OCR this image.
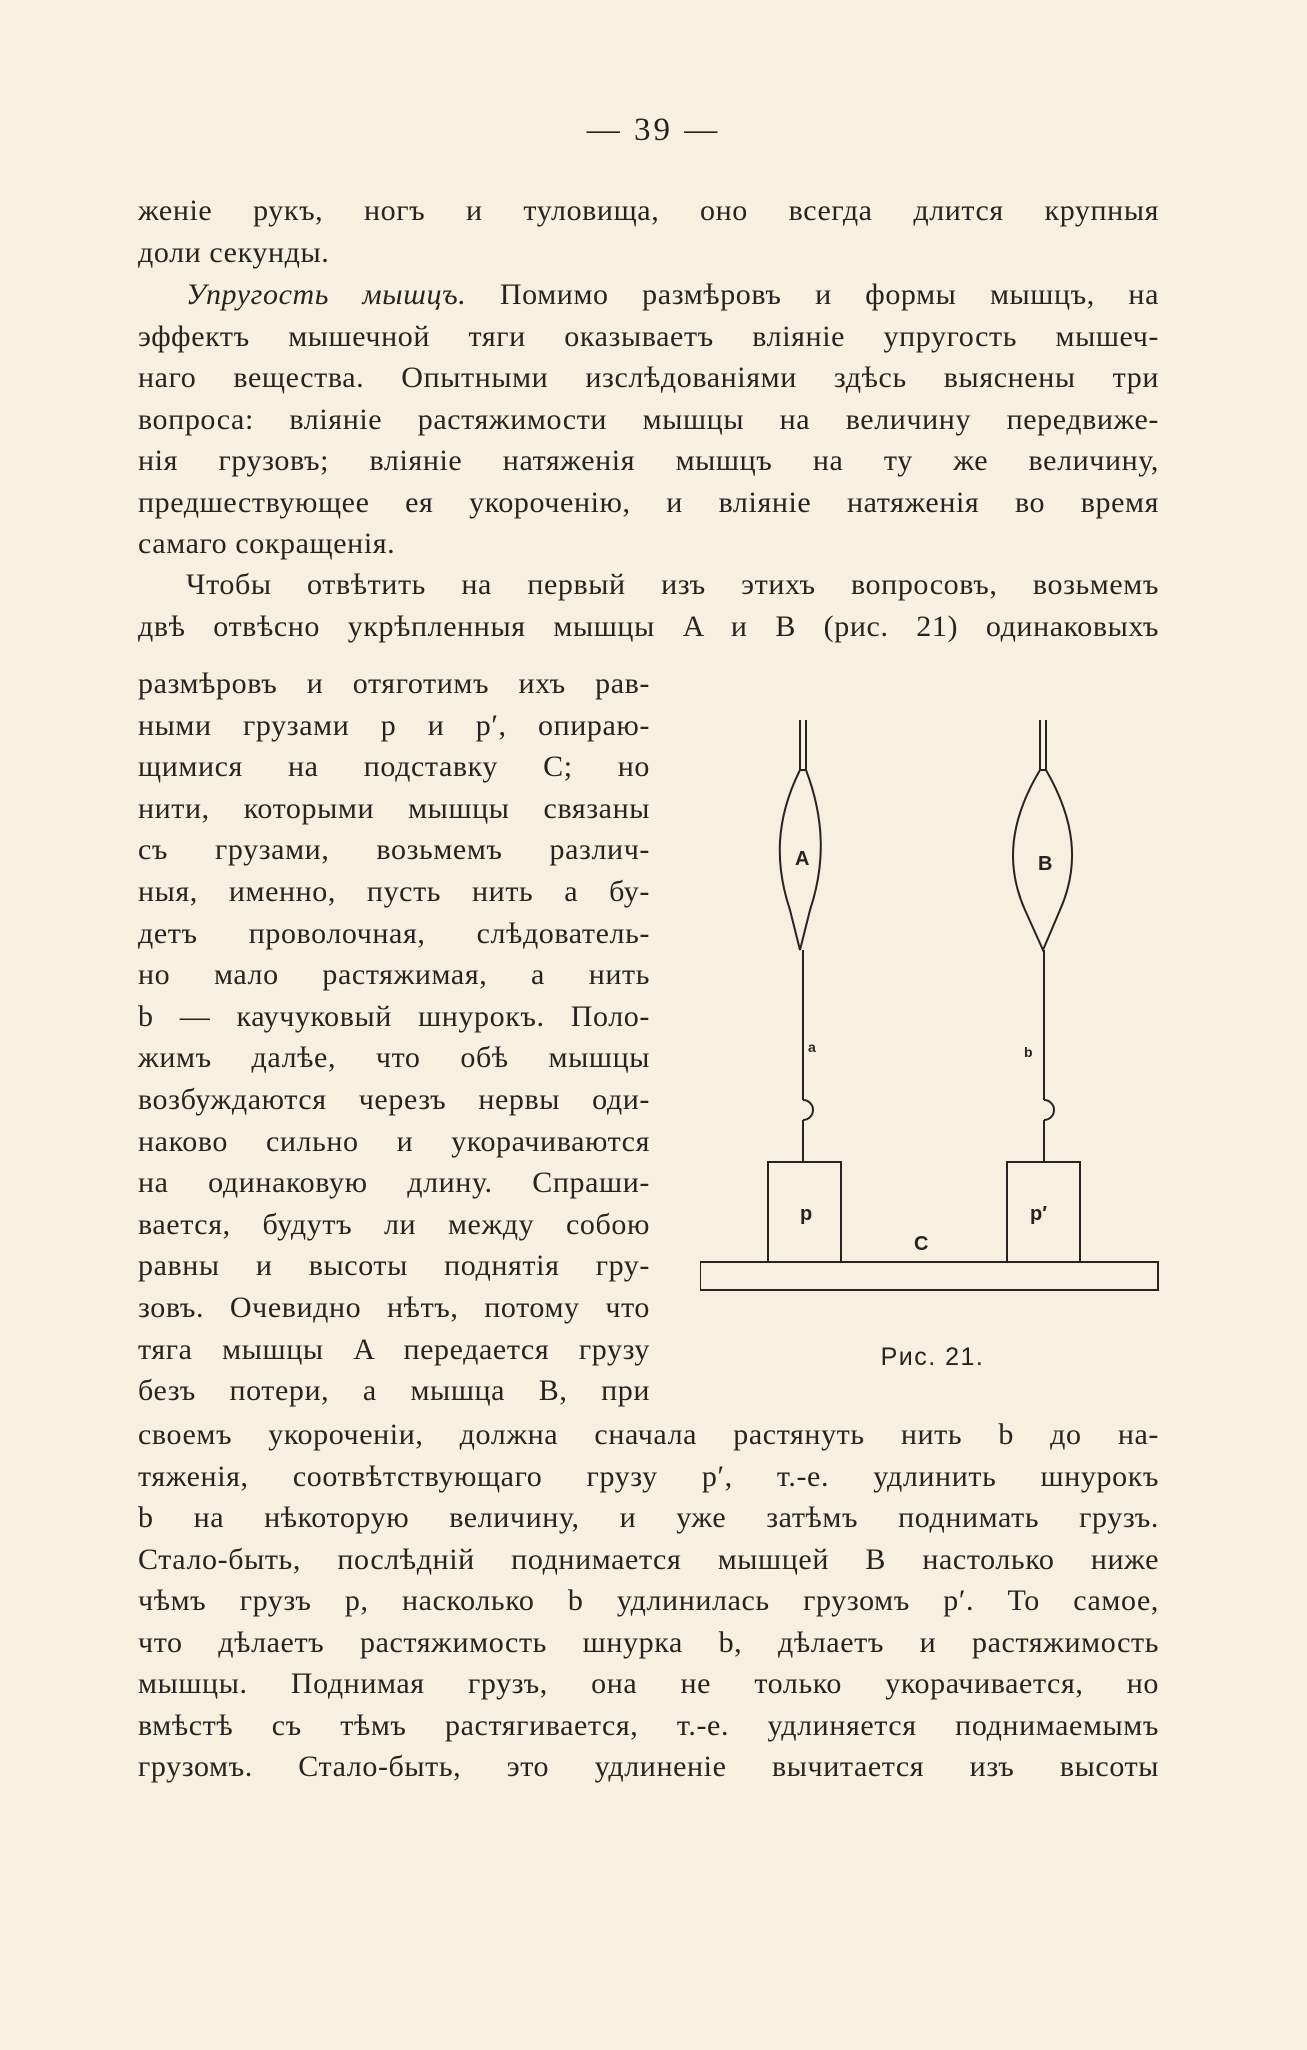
— 39 —
женіе рукъ, ногъ и туловища, оно всегда длится крупныя
доли секунды.
Упругость мышцъ. Помимо размѣровъ и формы мышцъ, на
эффектъ мышечной тяги оказываетъ вліяніе упругость мышеч-
наго вещества. Опытными изслѣдованіями здѣсь выяснены три
вопроса: вліяніе растяжимости мышцы на величину передвиже-
нія грузовъ; вліяніе натяженія мышцъ на ту же величину,
предшествующее ея укороченію, и вліяніе натяженія во время
самаго сокращенія.
Чтобы отвѣтить на первый изъ этихъ вопросовъ, возьмемъ
двѣ отвѣсно укрѣпленныя мышцы A и B (рис. 21) одинаковыхъ
размѣровъ и отяготимъ ихъ рав-
ными грузами p и p′, опираю-
щимися на подставку C; но
нити, которыми мышцы связаны
съ грузами, возьмемъ различ-
ныя, именно, пусть нить a бу-
детъ проволочная, слѣдователь-
но мало растяжимая, а нить
b — каучуковый шнурокъ. Поло-
жимъ далѣе, что обѣ мышцы
возбуждаются черезъ нервы оди-
наково сильно и укорачиваются
на одинаковую длину. Спраши-
вается, будутъ ли между собою
равны и высоты поднятія гру-
зовъ. Очевидно нѣтъ, потому что
тяга мышцы A передается грузу
безъ потери, а мышца B, при
A	B
a	b
p	p′
C
Рис. 21.
своемъ укороченіи, должна сначала растянуть нить b до на-
тяженія, соотвѣтствующаго грузу p′, т.-е. удлинить шнурокъ
b на нѣкоторую величину, и уже затѣмъ поднимать грузъ.
Стало-быть, послѣдній поднимается мышцей B настолько ниже
чѣмъ грузъ p, насколько b удлинилась грузомъ p′. То самое,
что дѣлаетъ растяжимость шнурка b, дѣлаетъ и растяжимость
мышцы. Поднимая грузъ, она не только укорачивается, но
вмѣстѣ съ тѣмъ растягивается, т.-е. удлиняется поднимаемымъ
грузомъ. Стало-быть, это удлиненіе вычитается изъ высоты
